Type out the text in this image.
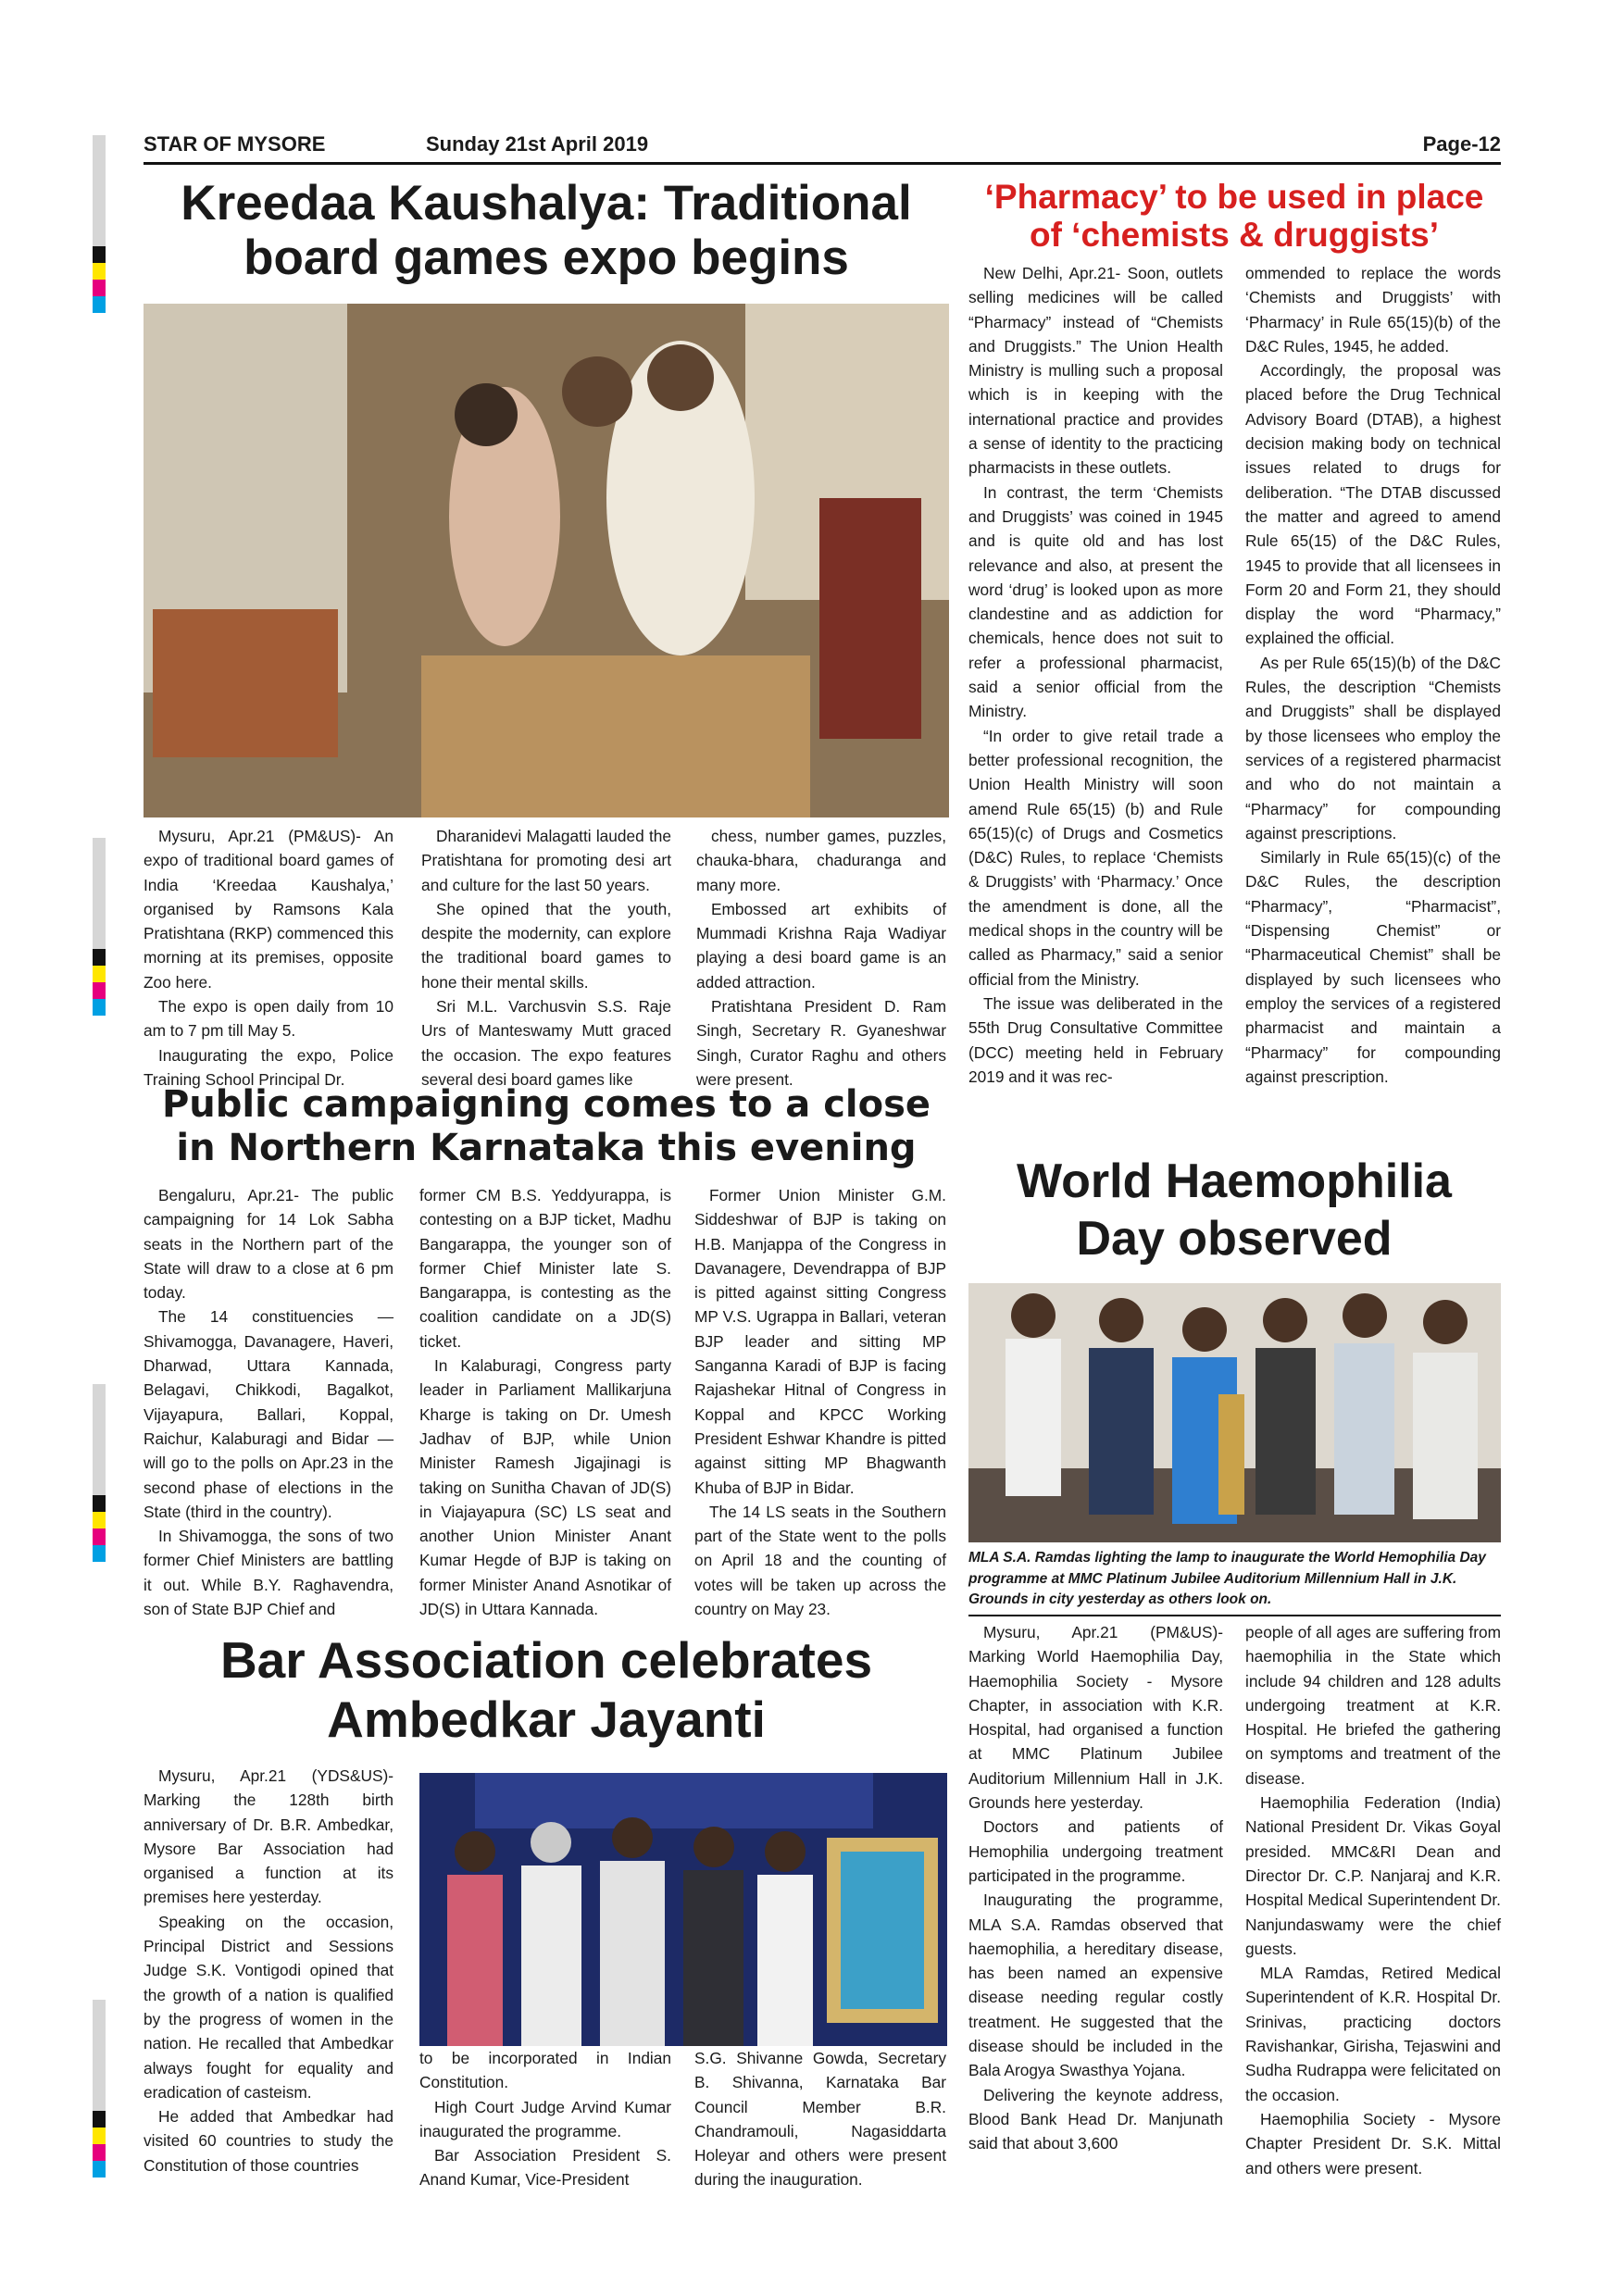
STAR OF MYSORE	Sunday 21st April 2019	Page-12
Kreedaa Kaushalya: Traditional board games expo begins

Mysuru, Apr.21 (PM&US)- An expo of traditional board games of India ‘Kreedaa Kaushalya,’ organised by Ramsons Kala Pratishtana (RKP) commenced this morning at its premises, opposite Zoo here.

The expo is open daily from 10 am to 7 pm till May 5.

Inaugurating the expo, Police Training School Principal Dr.

Dharanidevi Malagatti lauded the Pratishtana for promoting desi art and culture for the last 50 years.

She opined that the youth, despite the modernity, can explore the traditional board games to hone their mental skills.

Sri M.L. Varchusvin S.S. Raje Urs of Manteswamy Mutt graced the occasion. The expo features several desi board games like

chess, number games, puzzles, chauka-bhara, chaduranga and many more.

Embossed art exhibits of Mummadi Krishna Raja Wadiyar playing a desi board game is an added attraction.

Pratishtana President D. Ram Singh, Secretary R. Gyaneshwar Singh, Curator Raghu and others were present.

‘Pharmacy’ to be used in place
of ‘chemists & druggists’

New Delhi, Apr.21- Soon, outlets selling medicines will be called “Pharmacy” instead of “Chemists and Druggists.” The Union Health Ministry is mulling such a proposal which is in keeping with the international practice and provides a sense of identity to the practicing pharmacists in these outlets.

In contrast, the term ‘Chemists and Druggists’ was coined in 1945 and is quite old and has lost relevance and also, at present the word ‘drug’ is looked upon as more clandestine and as addiction for chemicals, hence does not suit to refer a professional pharmacist, said a senior official from the Ministry.

“In order to give retail trade a better professional recognition, the Union Health Ministry will soon amend Rule 65(15) (b) and Rule 65(15)(c) of Drugs and Cosmetics (D&C) Rules, to replace ‘Chemists & Druggists’ with ‘Pharmacy.’ Once the amendment is done, all the medical shops in the country will be called as Pharmacy,” said a senior official from the Ministry.

The issue was deliberated in the 55th Drug Consultative Committee (DCC) meeting held in February 2019 and it was rec-

ommended to replace the words ‘Chemists and Druggists’ with ‘Pharmacy’ in Rule 65(15)(b) of the D&C Rules, 1945, he added.

Accordingly, the proposal was placed before the Drug Technical Advisory Board (DTAB), a highest decision making body on technical issues related to drugs for deliberation. “The DTAB discussed the matter and agreed to amend Rule 65(15) of the D&C Rules, 1945 to provide that all licensees in Form 20 and Form 21, they should display the word “Pharmacy,” explained the official.

As per Rule 65(15)(b) of the D&C Rules, the description “Chemists and Druggists” shall be displayed by those licensees who employ the services of a registered pharmacist and who do not maintain a “Pharmacy” for compounding against prescriptions.

Similarly in Rule 65(15)(c) of the D&C Rules, the description “Pharmacy”, “Pharmacist”, “Dispensing Chemist” or “Pharmaceutical Chemist” shall be displayed by such licensees who employ the services of a registered pharmacist and maintain a “Pharmacy” for compounding against prescription.

Public campaigning comes to a close
in Northern Karnataka this evening

Bengaluru, Apr.21- The public campaigning for 14 Lok Sabha seats in the Northern part of the State will draw to a close at 6 pm today.

The 14 constituencies — Shivamogga, Davanagere, Haveri, Dharwad, Uttara Kannada, Belagavi, Chikkodi, Bagalkot, Vijayapura, Ballari, Koppal, Raichur, Kalaburagi and Bidar — will go to the polls on Apr.23 in the second phase of elections in the State (third in the country).

In Shivamogga, the sons of two former Chief Ministers are battling it out. While B.Y. Raghavendra, son of State BJP Chief and

former CM B.S. Yeddyurappa, is contesting on a BJP ticket, Madhu Bangarappa, the younger son of former Chief Minister late S. Bangarappa, is contesting as the coalition candidate on a JD(S) ticket.

In Kalaburagi, Congress party leader in Parliament Mallikarjuna Kharge is taking on Dr. Umesh Jadhav of BJP, while Union Minister Ramesh Jigajinagi is taking on Sunitha Chavan of JD(S) in Viajayapura (SC) LS seat and another Union Minister Anant Kumar Hegde of BJP is taking on former Minister Anand Asnotikar of JD(S) in Uttara Kannada.

Former Union Minister G.M. Siddeshwar of BJP is taking on H.B. Manjappa of the Congress in Davanagere, Devendrappa of BJP is pitted against sitting Congress MP V.S. Ugrappa in Ballari, veteran BJP leader and sitting MP Sanganna Karadi of BJP is facing Rajashekar Hitnal of Congress in Koppal and KPCC Working President Eshwar Khandre is pitted against sitting MP Bhagwanth Khuba of BJP in Bidar.

The 14 LS seats in the Southern part of the State went to the polls on April 18 and the counting of votes will be taken up across the country on May 23.

World Haemophilia
Day observed
MLA S.A. Ramdas lighting the lamp to inaugurate the World Hemophilia Day programme at MMC Platinum Jubilee Auditorium Millennium Hall in J.K. Grounds in city yesterday as others look on.

Mysuru, Apr.21 (PM&US)- Marking World Haemophilia Day, Haemophilia Society - Mysore Chapter, in association with K.R. Hospital, had organised a function at MMC Platinum Jubilee Auditorium Millennium Hall in J.K. Grounds here yesterday.

Doctors and patients of Hemophilia undergoing treatment participated in the programme.

Inaugurating the programme, MLA S.A. Ramdas observed that haemophilia, a hereditary disease, has been named an expensive disease needing regular costly treatment. He suggested that the disease should be included in the Bala Arogya Swasthya Yojana.

Delivering the keynote address, Blood Bank Head Dr. Manjunath said that about 3,600

people of all ages are suffering from haemophilia in the State which include 94 children and 128 adults undergoing treatment at K.R. Hospital. He briefed the gathering on symptoms and treatment of the disease.

Haemophilia Federation (India) National President Dr. Vikas Goyal presided. MMC&RI Dean and Director Dr. C.P. Nanjaraj and K.R. Hospital Medical Superintendent Dr. Nanjundaswamy were the chief guests.

MLA Ramdas, Retired Medical Superintendent of K.R. Hospital Dr. Srinivas, practicing doctors Ravishankar, Girisha, Tejaswini and Sudha Rudrappa were felicitated on the occasion.

Haemophilia Society - Mysore Chapter President Dr. S.K. Mittal and others were present.

Bar Association celebrates
Ambedkar Jayanti

Mysuru, Apr.21 (YDS&US)- Marking the 128th birth anniversary of Dr. B.R. Ambedkar, Mysore Bar Association had organised a function at its premises here yesterday.

Speaking on the occasion, Principal District and Sessions Judge S.K. Vontigodi opined that the growth of a nation is qualified by the progress of women in the nation. He recalled that Ambedkar always fought for equality and eradication of casteism.

He added that Ambedkar had visited 60 countries to study the Constitution of those countries

to be incorporated in Indian Constitution.

High Court Judge Arvind Kumar inaugurated the programme.

Bar Association President S. Anand Kumar, Vice-President

S.G. Shivanne Gowda, Secretary B. Shivanna, Karnataka Bar Council Member B.R. Chandramouli, Nagasiddarta Holeyar and others were present during the inauguration.
